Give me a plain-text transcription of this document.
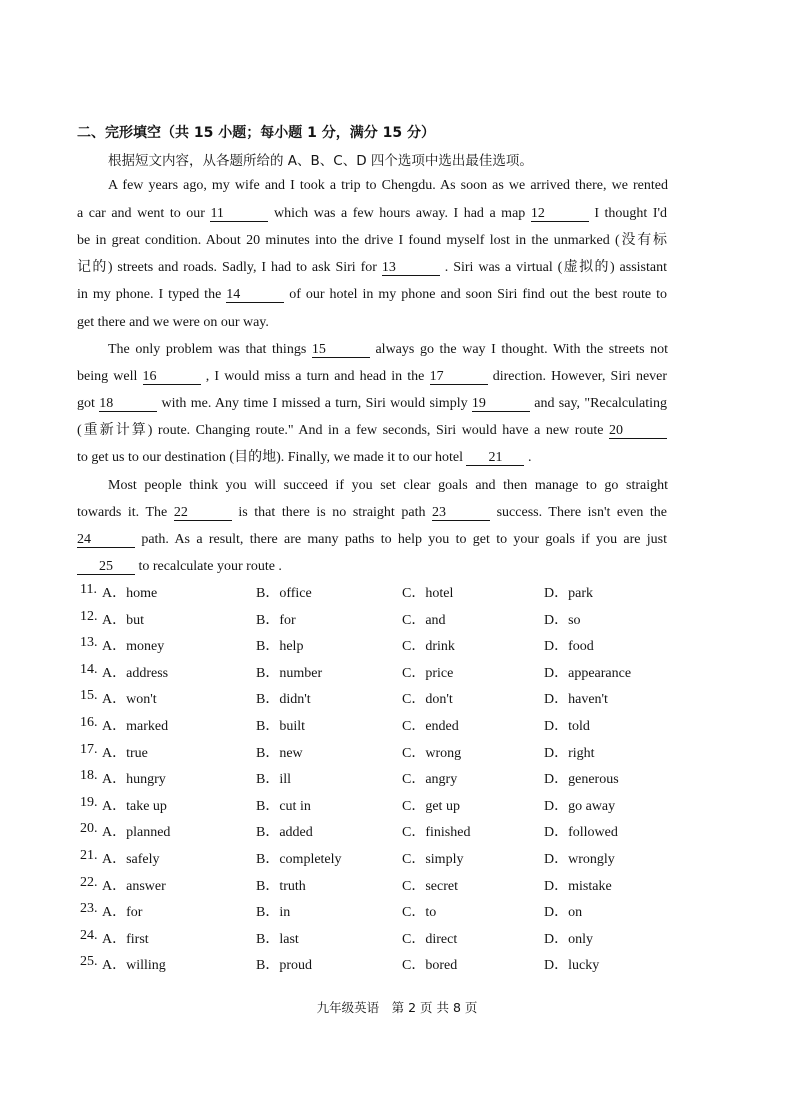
二、完形填空（共 15 小题；每小题 1 分，满分 15 分）
根据短文内容，从各题所给的 A、B、C、D 四个选项中选出最佳选项。
A few years ago, my wife and I took a trip to Chengdu. As soon as we arrived there, we rented
a car and went to our 11	which was a few hours away. I had a map 12	I thought I'd
be in great condition. About 20 minutes into the drive I found myself lost in the unmarked (没有标
记的) streets and roads. Sadly, I had to ask Siri for 13	. Siri was a virtual (虚拟的) assistant
in my phone. I typed the 14	of our hotel in my phone and soon Siri find out the best route to
get there and we were on our way.
The only problem was that things 15	always go the way I thought. With the streets not
being well 16	, I would miss a turn and head in the 17	direction. However, Siri never
got 18	with me. Any time I missed a turn, Siri would simply 19	and say, "Recalculating
(重新计算) route. Changing route." And in a few seconds, Siri would have a new route 20
to get us to our destination (目的地). Finally, we made it to our hotel 21 .
Most people think you will succeed if you set clear goals and then manage to go straight
towards it. The 22	is that there is no straight path 23	success. There isn't even the
24	path. As a result, there are many paths to help you to get to your goals if you are just
25 to recalculate your route .
11. A．home	B．office	C．hotel	D．park
12. A．but	B．for	C．and	D．so
13. A．money	B．help	C．drink	D．food
14. A．address	B．number	C．price	D．appearance
15. A．won't	B．didn't	C．don't	D．haven't
16. A．marked	B．built	C．ended	D．told
17. A．true	B．new	C．wrong	D．right
18. A．hungry	B．ill	C．angry	D．generous
19. A．take up	B．cut in	C．get up	D．go away
20. A．planned	B．added	C．finished	D．followed
21. A．safely	B．completely	C．simply	D．wrongly
22. A．answer	B．truth	C．secret	D．mistake
23. A．for	B．in	C．to	D．on
24. A．first	B．last	C．direct	D．only
25. A．willing	B．proud	C．bored	D．lucky
九年级英语　第 2 页 共 8 页
